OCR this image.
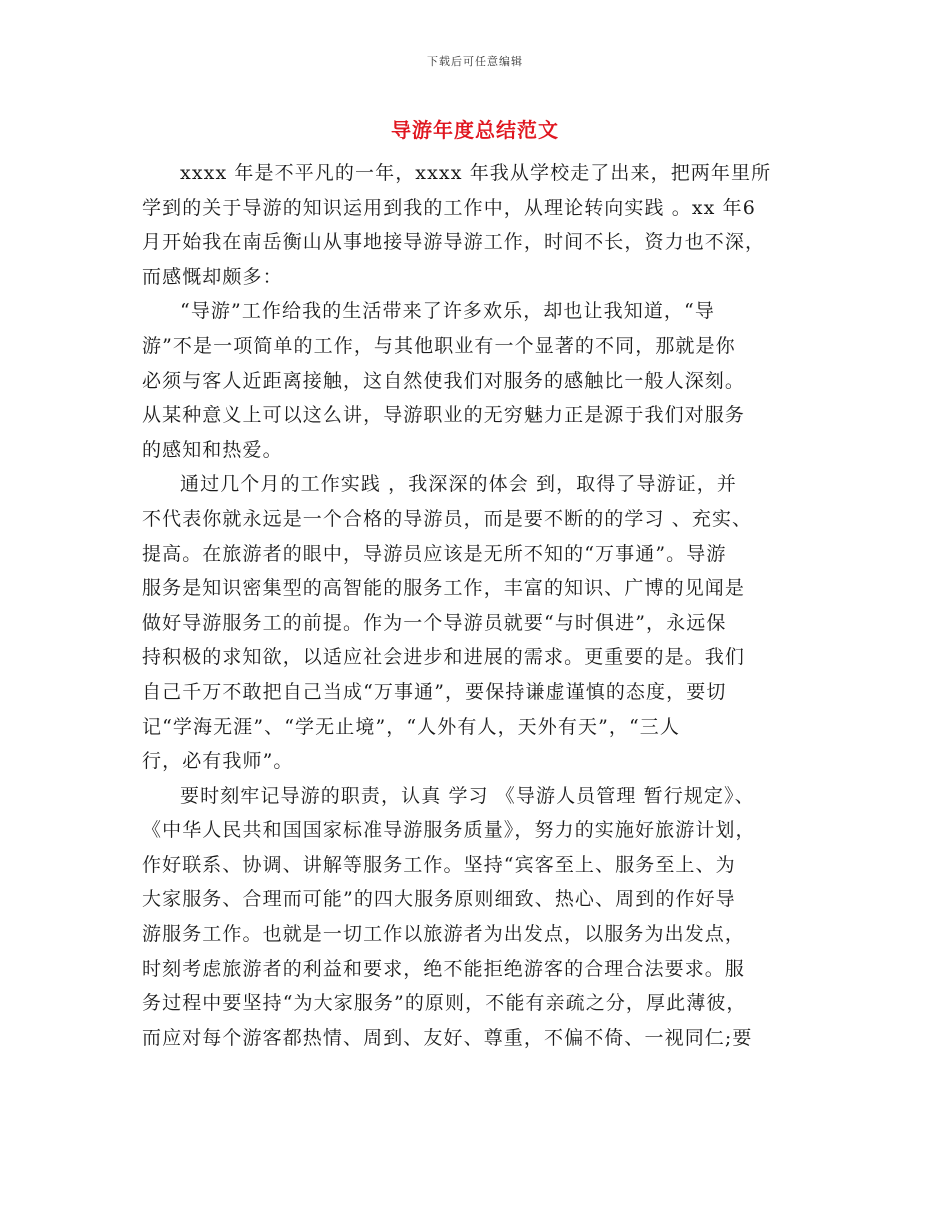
下载后可任意编辑
导游年度总结范文
xxxx 年是不平凡的一年，xxxx 年我从学校走了出来，把两年里所
学到的关于导游的知识运用到我的工作中，从理论转向实践 。xx 年6
月开始我在南岳衡山从事地接导游导游工作，时间不长，资力也不深，
而感慨却颇多：
“导游”工作给我的生活带来了许多欢乐，却也让我知道，“导
游”不是一项简单的工作，与其他职业有一个显著的不同，那就是你
必须与客人近距离接触，这自然使我们对服务的感触比一般人深刻。
从某种意义上可以这么讲，导游职业的无穷魅力正是源于我们对服务
的感知和热爱。
通过几个月的工作实践 ，我深深的体会 到，取得了导游证，并
不代表你就永远是一个合格的导游员，而是要不断的的学习 、充实、
提高。在旅游者的眼中，导游员应该是无所不知的“万事通”。导游
服务是知识密集型的高智能的服务工作，丰富的知识、广博的见闻是
做好导游服务工的前提。作为一个导游员就要“与时俱进”，永远保
持积极的求知欲，以适应社会进步和进展的需求。更重要的是。我们
自己千万不敢把自己当成“万事通”，要保持谦虚谨慎的态度，要切
记“学海无涯”、“学无止境”，“人外有人，天外有天”，“三人
行，必有我师”。
要时刻牢记导游的职责，认真 学习 《导游人员管理 暂行规定》、
《中华人民共和国国家标准导游服务质量》，努力的实施好旅游计划，
作好联系、协调、讲解等服务工作。坚持“宾客至上、服务至上、为
大家服务、合理而可能”的四大服务原则细致、热心、周到的作好导
游服务工作。也就是一切工作以旅游者为出发点，以服务为出发点，
时刻考虑旅游者的利益和要求，绝不能拒绝游客的合理合法要求。服
务过程中要坚持“为大家服务”的原则，不能有亲疏之分，厚此薄彼，
而应对每个游客都热情、周到、友好、尊重，不偏不倚、一视同仁;要
